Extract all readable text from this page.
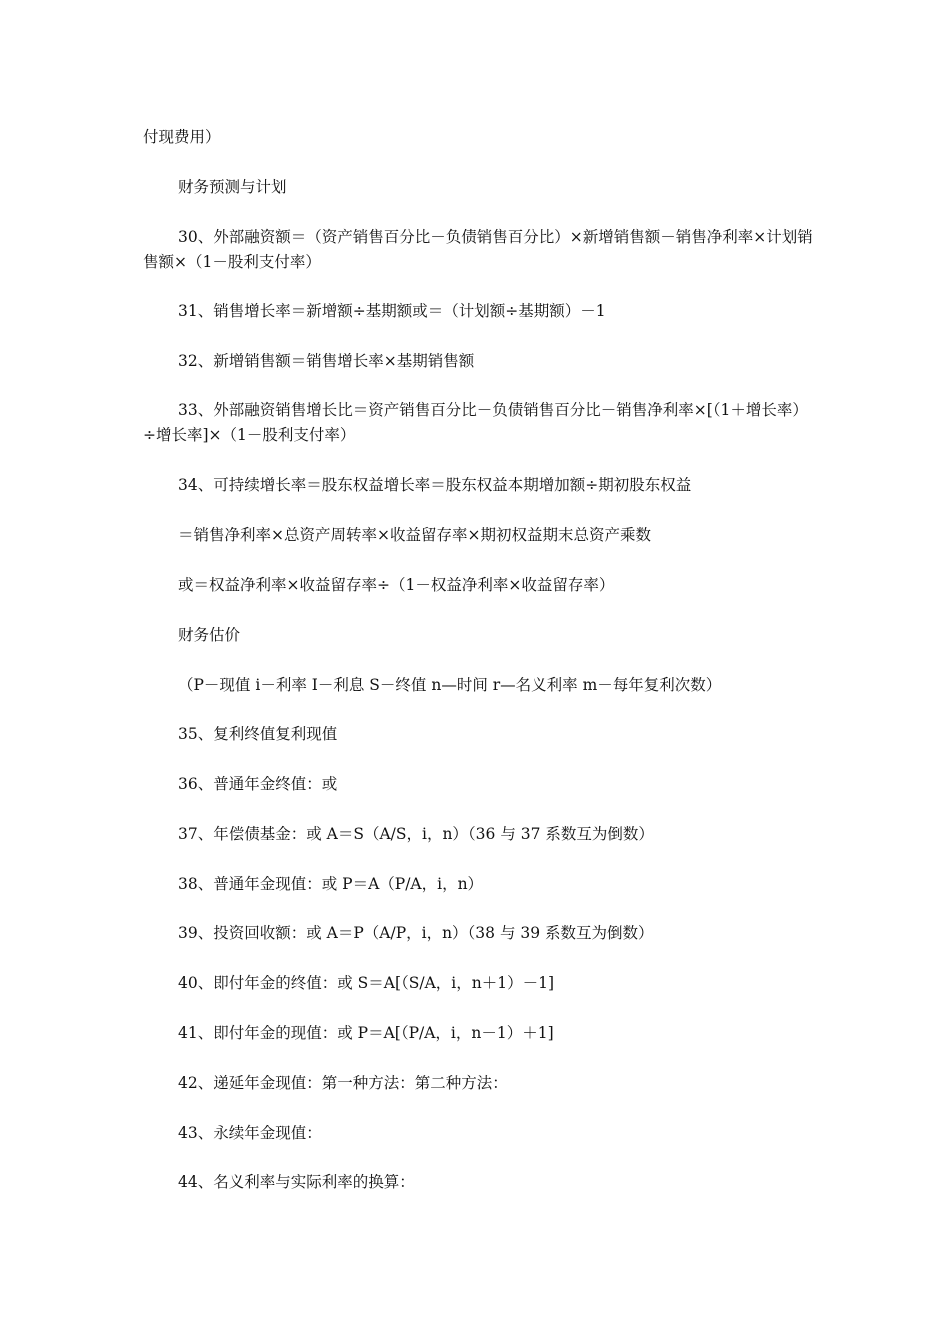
付现费用）

财务预测与计划

30、外部融资额＝（资产销售百分比－负债销售百分比）×新增销售额－销售净利率×计划销售额×（1－股利支付率）

31、销售增长率＝新增额÷基期额或＝（计划额÷基期额）－1

32、新增销售额＝销售增长率×基期销售额

33、外部融资销售增长比＝资产销售百分比－负债销售百分比－销售净利率×[（1＋增长率）÷增长率]×（1－股利支付率）

34、可持续增长率＝股东权益增长率＝股东权益本期增加额÷期初股东权益

＝销售净利率×总资产周转率×收益留存率×期初权益期末总资产乘数

或＝权益净利率×收益留存率÷（1－权益净利率×收益留存率）

财务估价

（P－现值 i－利率 I－利息 S－终值 n—时间 r—名义利率 m－每年复利次数）

35、复利终值复利现值

36、普通年金终值：或

37、年偿债基金：或 A＝S（A/S，i，n）（36 与 37 系数互为倒数）

38、普通年金现值：或 P＝A（P/A，i，n）

39、投资回收额：或 A＝P（A/P，i，n）（38 与 39 系数互为倒数）

40、即付年金的终值：或 S＝A[（S/A，i，n＋1）－1]

41、即付年金的现值：或 P＝A[（P/A，i，n－1）＋1]

42、递延年金现值：第一种方法：第二种方法：

43、永续年金现值：

44、名义利率与实际利率的换算：
